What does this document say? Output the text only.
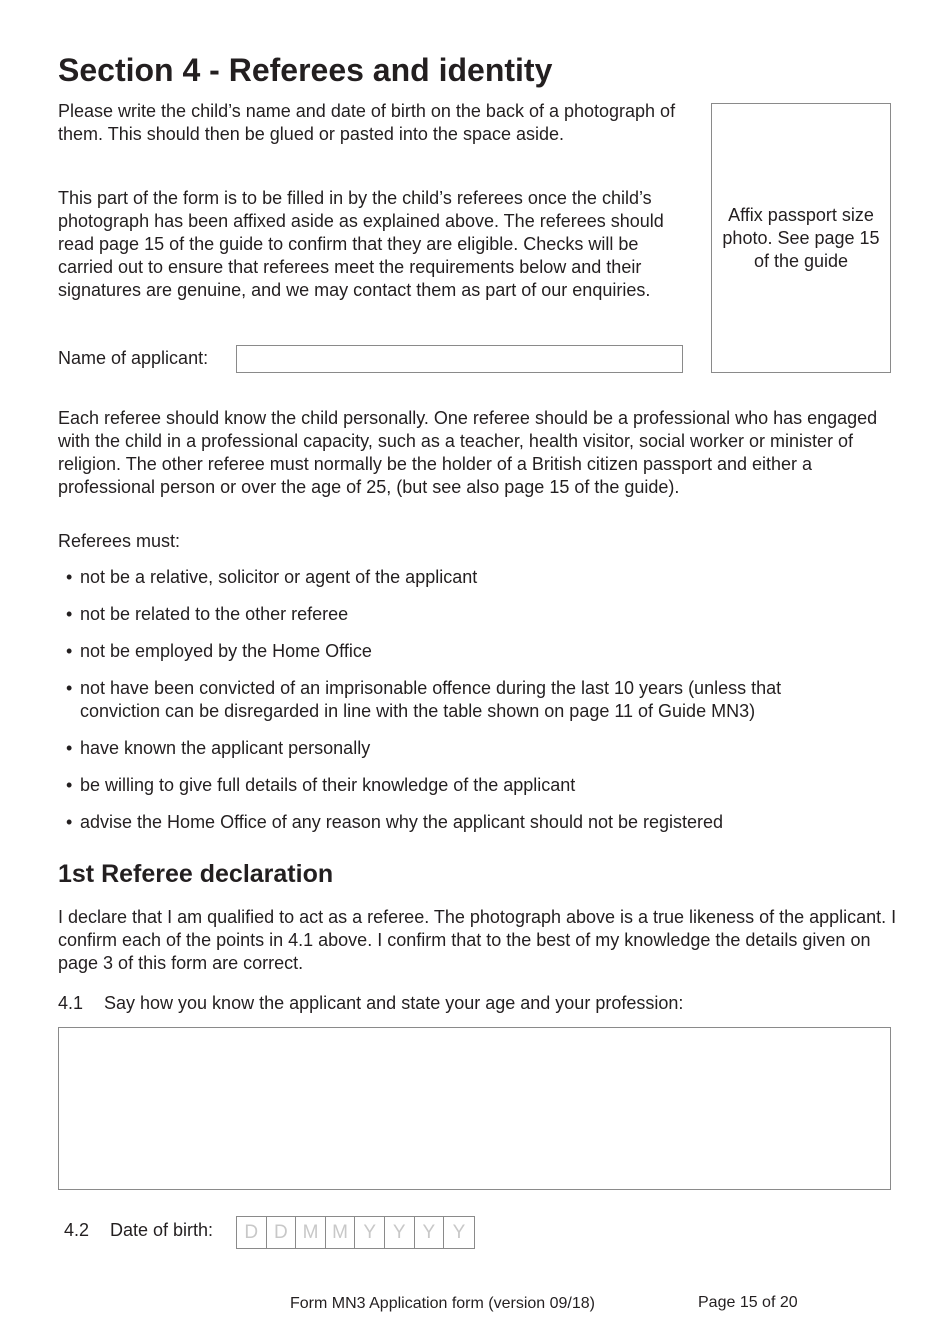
Section 4 - Referees and identity

Please write the child’s name and date of birth on the back of a photograph of them. This should then be glued or pasted into the space aside.

This part of the form is to be filled in by the child’s referees once the child’s photograph has been affixed aside as explained above. The referees should read page 15 of the guide to confirm that they are eligible. Checks will be carried out to ensure that referees meet the requirements below and their signatures are genuine, and we may contact them as part of our enquiries.

Affix passport size photo. See page 15 of the guide
Name of applicant:

Each referee should know the child personally. One referee should be a professional who has engaged with the child in a professional capacity, such as a teacher, health visitor, social worker or minister of religion. The other referee must normally be the holder of a British citizen passport and either a professional person or over the age of 25, (but see also page 15 of the guide).

Referees must:

• not be a relative, solicitor or agent of the applicant
• not be related to the other referee
• not be employed by the Home Office
• not have been convicted of an imprisonable offence during the last 10 years (unless that conviction can be disregarded in line with the table shown on page 11 of Guide MN3)
• have known the applicant personally
• be willing to give full details of their knowledge of the applicant
• advise the Home Office of any reason why the applicant should not be registered
1st Referee declaration

I declare that I am qualified to act as a referee. The photograph above is a true likeness of the applicant. I confirm each of the points in 4.1 above. I confirm that to the best of my knowledge the details given on page 3 of this form are correct.

4.1 Say how you know the applicant and state your age and your profession:
4.2 Date of birth:	D D M M Y Y Y Y
Form MN3 Application form (version 09/18)	Page 15 of 20
